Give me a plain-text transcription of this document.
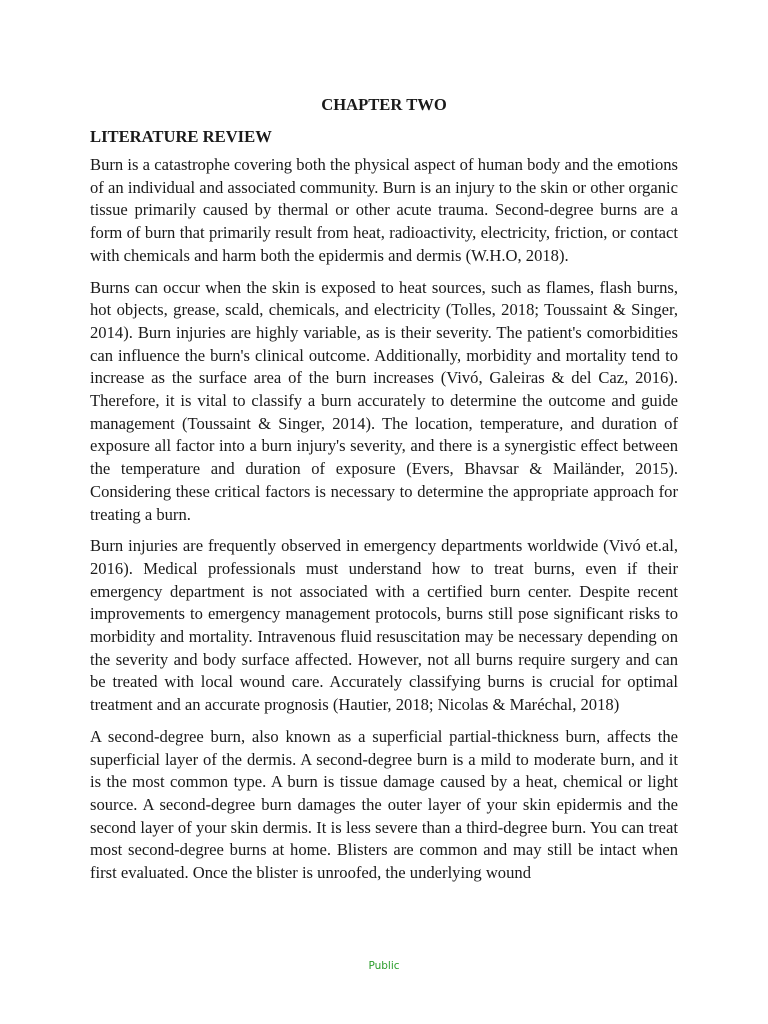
CHAPTER TWO
LITERATURE REVIEW

Burn is a catastrophe covering both the physical aspect of human body and the emotions of an individual and associated community. Burn is an injury to the skin or other organic tissue primarily caused by thermal or other acute trauma. Second-degree burns are a form of burn that primarily result from heat, radioactivity, electricity, friction, or contact with chemicals and harm both the epidermis and dermis (W.H.O, 2018).

Burns can occur when the skin is exposed to heat sources, such as flames, flash burns, hot objects, grease, scald, chemicals, and electricity (Tolles, 2018; Toussaint & Singer, 2014). Burn injuries are highly variable, as is their severity. The patient's comorbidities can influence the burn's clinical outcome. Additionally, morbidity and mortality tend to increase as the surface area of the burn increases (Vivó, Galeiras & del Caz, 2016). Therefore, it is vital to classify a burn accurately to determine the outcome and guide management (Toussaint & Singer, 2014). The location, temperature, and duration of exposure all factor into a burn injury's severity, and there is a synergistic effect between the temperature and duration of exposure (Evers, Bhavsar & Mailänder, 2015). Considering these critical factors is necessary to determine the appropriate approach for treating a burn.

Burn injuries are frequently observed in emergency departments worldwide (Vivó et.al, 2016). Medical professionals must understand how to treat burns, even if their emergency department is not associated with a certified burn center. Despite recent improvements to emergency management protocols, burns still pose significant risks to morbidity and mortality. Intravenous fluid resuscitation may be necessary depending on the severity and body surface affected. However, not all burns require surgery and can be treated with local wound care. Accurately classifying burns is crucial for optimal treatment and an accurate prognosis (Hautier, 2018; Nicolas & Maréchal, 2018)

A second-degree burn, also known as a superficial partial-thickness burn, affects the superficial layer of the dermis. A second-degree burn is a mild to moderate burn, and it is the most common type. A burn is tissue damage caused by a heat, chemical or light source. A second-degree burn damages the outer layer of your skin epidermis and the second layer of your skin dermis. It is less severe than a third-degree burn. You can treat most second-degree burns at home. Blisters are common and may still be intact when first evaluated. Once the blister is unroofed, the underlying wound

Public
